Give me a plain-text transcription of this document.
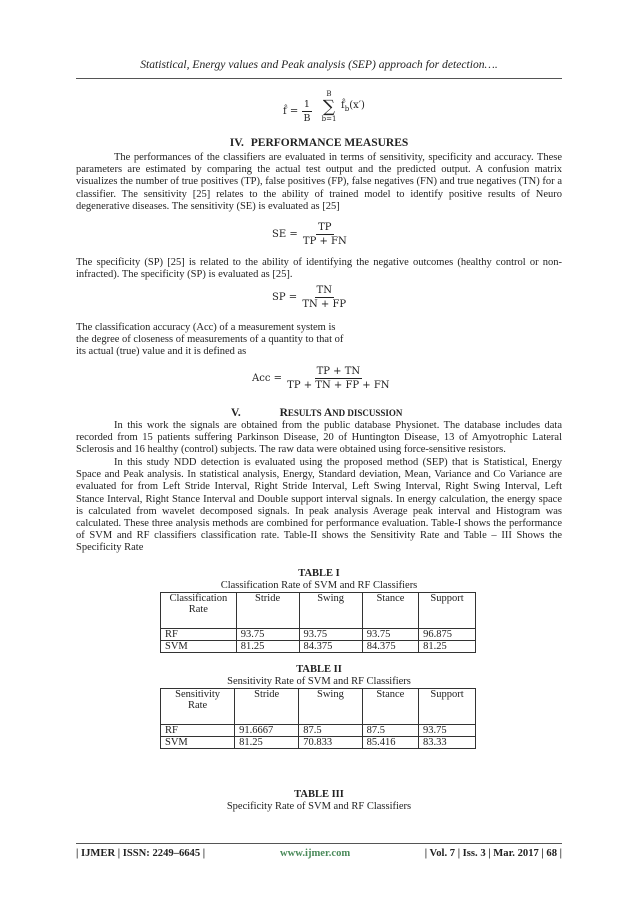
Statistical, Energy values and Peak analysis (SEP) approach for detection….
f̂ = $\frac{1}{B}$
B
∑
b=1
$f̂_b(x')$
IV. PERFORMANCE MEASURES

The performances of the classifiers are evaluated in terms of sensitivity, specificity and accuracy. These parameters are estimated by comparing the actual test output and the predicted output. A confusion matrix visualizes the number of true positives (TP), false positives (FP), false negatives (FN) and true negatives (TN) for a classifier. The sensitivity [25] relates to the ability of trained model to identify positive results of Neuro degenerative diseases. The sensitivity (SE) is evaluated as [25]

SE = $\frac{TP}{TP + FN}$

The specificity (SP) [25] is related to the ability of identifying the negative outcomes (healthy control or non-infracted). The specificity (SP) is evaluated as [25].

SP = $\frac{TN}{TN + FP}$

The classification accuracy (Acc) of a measurement system is the degree of closeness of measurements of a quantity to that of its actual (true) value and it is defined as

Acc = $\frac{TP + TN}{TP + TN + FP + FN}$
V.	RESULTS AND DISCUSSION

In this work the signals are obtained from the public database Physionet. The database includes data recorded from 15 patients suffering Parkinson Disease, 20 of Huntington Disease, 13 of Amyotrophic Lateral Sclerosis and 16 healthy (control) subjects. The raw data were obtained using force-sensitive resistors.

In this study NDD detection is evaluated using the proposed method (SEP) that is Statistical, Energy Space and Peak analysis. In statistical analysis, Energy, Standard deviation, Mean, Variance and Co Variance are evaluated for from Left Stride Interval, Right Stride Interval, Left Swing Interval, Right Swing Interval, Left Stance Interval, Right Stance Interval and Double support interval signals. In energy calculation, the energy space is calculated from wavelet decomposed signals. In peak analysis Average peak interval and Histogram was calculated. These three analysis methods are combined for performance evaluation. Table-I shows the performance of SVM and RF classifiers classification rate. Table-II shows the Sensitivity Rate and Table – III Shows the Specificity Rate

TABLE I
Classification Rate of SVM and RF Classifiers
Classification Rate	Stride	Swing	Stance	Support
RF	93.75	93.75	93.75	96.875
SVM	81.25	84.375	84.375	81.25
TABLE II
Sensitivity Rate of SVM and RF Classifiers
Sensitivity Rate	Stride	Swing	Stance	Support
RF	91.6667	87.5	87.5	93.75
SVM	81.25	70.833	85.416	83.33
TABLE III
Specificity Rate of SVM and RF Classifiers
| IJMER | ISSN: 2249–6645 |	www.ijmer.com	| Vol. 7 | Iss. 3 | Mar. 2017 | 68 |
